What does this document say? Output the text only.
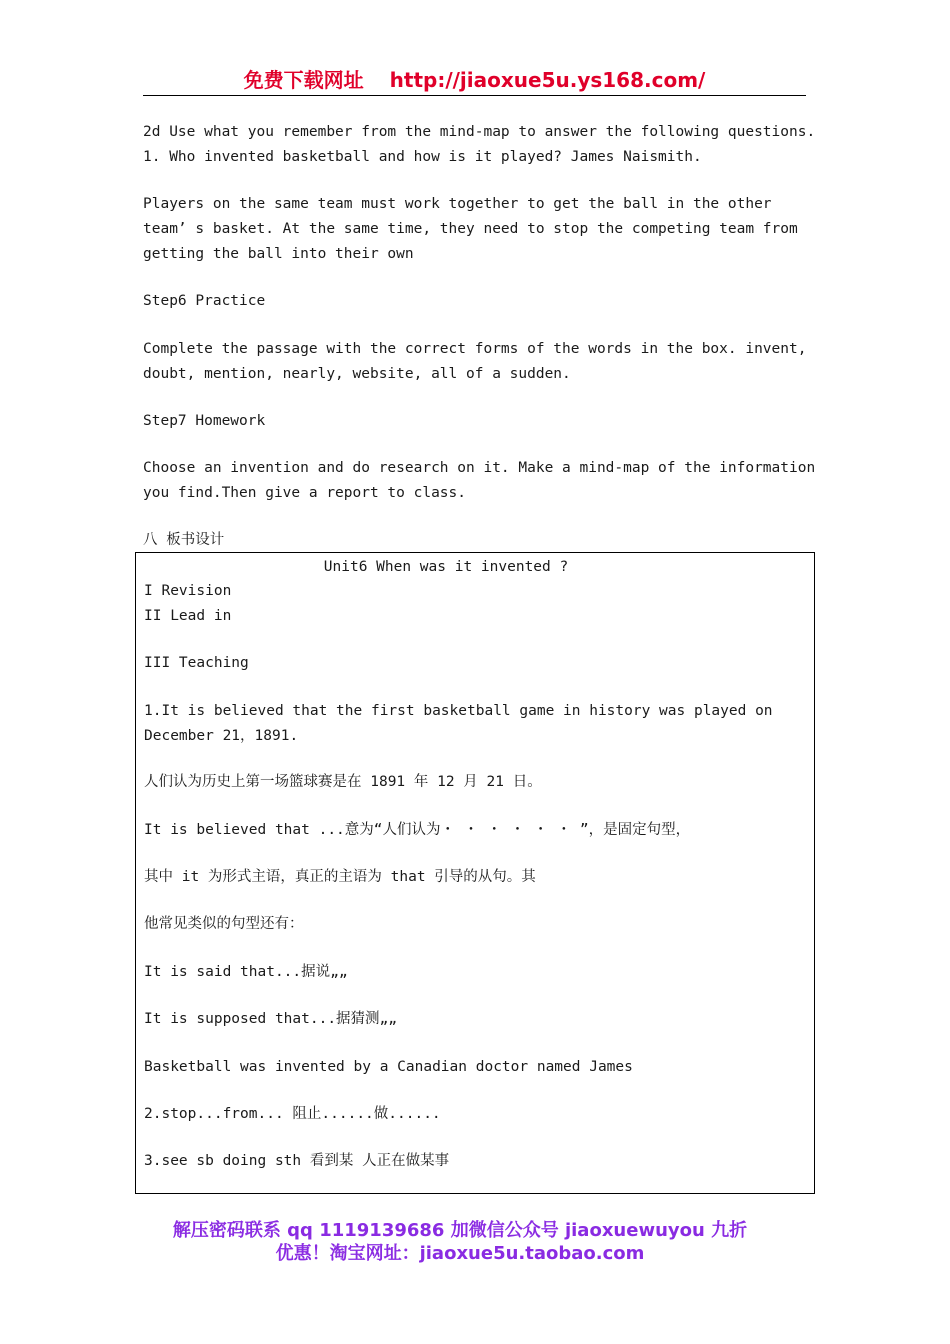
免费下载网址 http://jiaoxue5u.ys168.com/

2d Use what you remember from the mind-map to answer the following questions.

1. Who invented basketball and how is it played? James Naismith.

Players on the same team must work together to get the ball in the other

team’ s basket. At the same time, they need to stop the competing team from

getting the ball into their own

Step6 Practice

Complete the passage with the correct forms of the words in the box. invent,

doubt, mention, nearly, website, all of a sudden.

Step7 Homework

Choose an invention and do research on it. Make a mind-map of the information

you find.Then give a report to class.

八 板书设计

Unit6 When was it invented ?

I Revision

II Lead in

III Teaching

1.It is believed that the first basketball game in history was played on

December 21，1891.

人们认为历史上第一场篮球赛是在 1891 年 12 月 21 日。

It is believed that ...意为“人们认为・ ・ ・ ・ ・ ・ ”，是固定句型，

其中 it 为形式主语，真正的主语为 that 引导的从句。其

他常见类似的句型还有：

It is said that...据说„„

It is supposed that...据猜测„„

Basketball was invented by a Canadian doctor named James

2.stop...from... 阻止......做......

3.see sb doing sth 看到某 人正在做某事

解压密码联系 qq 1119139686 加微信公众号 jiaoxuewuyou 九折
优惠！淘宝网址：jiaoxue5u.taobao.com
